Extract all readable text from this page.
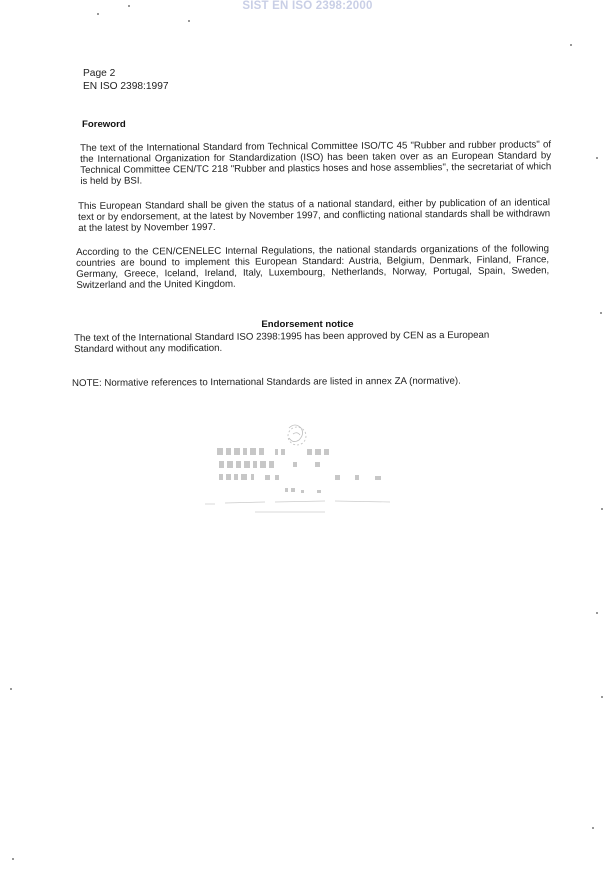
SIST EN ISO 2398:2000
Page 2
EN ISO 2398:1997
Foreword
The text of the International Standard from Technical Committee ISO/TC 45 "Rubber and rubber products" of the International Organization for Standardization (ISO) has been taken over as an European Standard by Technical Committee CEN/TC 218 "Rubber and plastics hoses and hose assemblies", the secretariat of which is held by BSI.
This European Standard shall be given the status of a national standard, either by publication of an identical text or by endorsement, at the latest by November 1997, and conflicting national standards shall be withdrawn at the latest by November 1997.
According to the CEN/CENELEC Internal Regulations, the national standards organizations of the following countries are bound to implement this European Standard: Austria, Belgium, Denmark, Finland, France, Germany, Greece, Iceland, Ireland, Italy, Luxembourg, Netherlands, Norway, Portugal, Spain, Sweden, Switzerland and the United Kingdom.
Endorsement notice
The text of the International Standard ISO 2398:1995 has been approved by CEN as a European Standard without any modification.
NOTE: Normative references to International Standards are listed in annex ZA (normative).
